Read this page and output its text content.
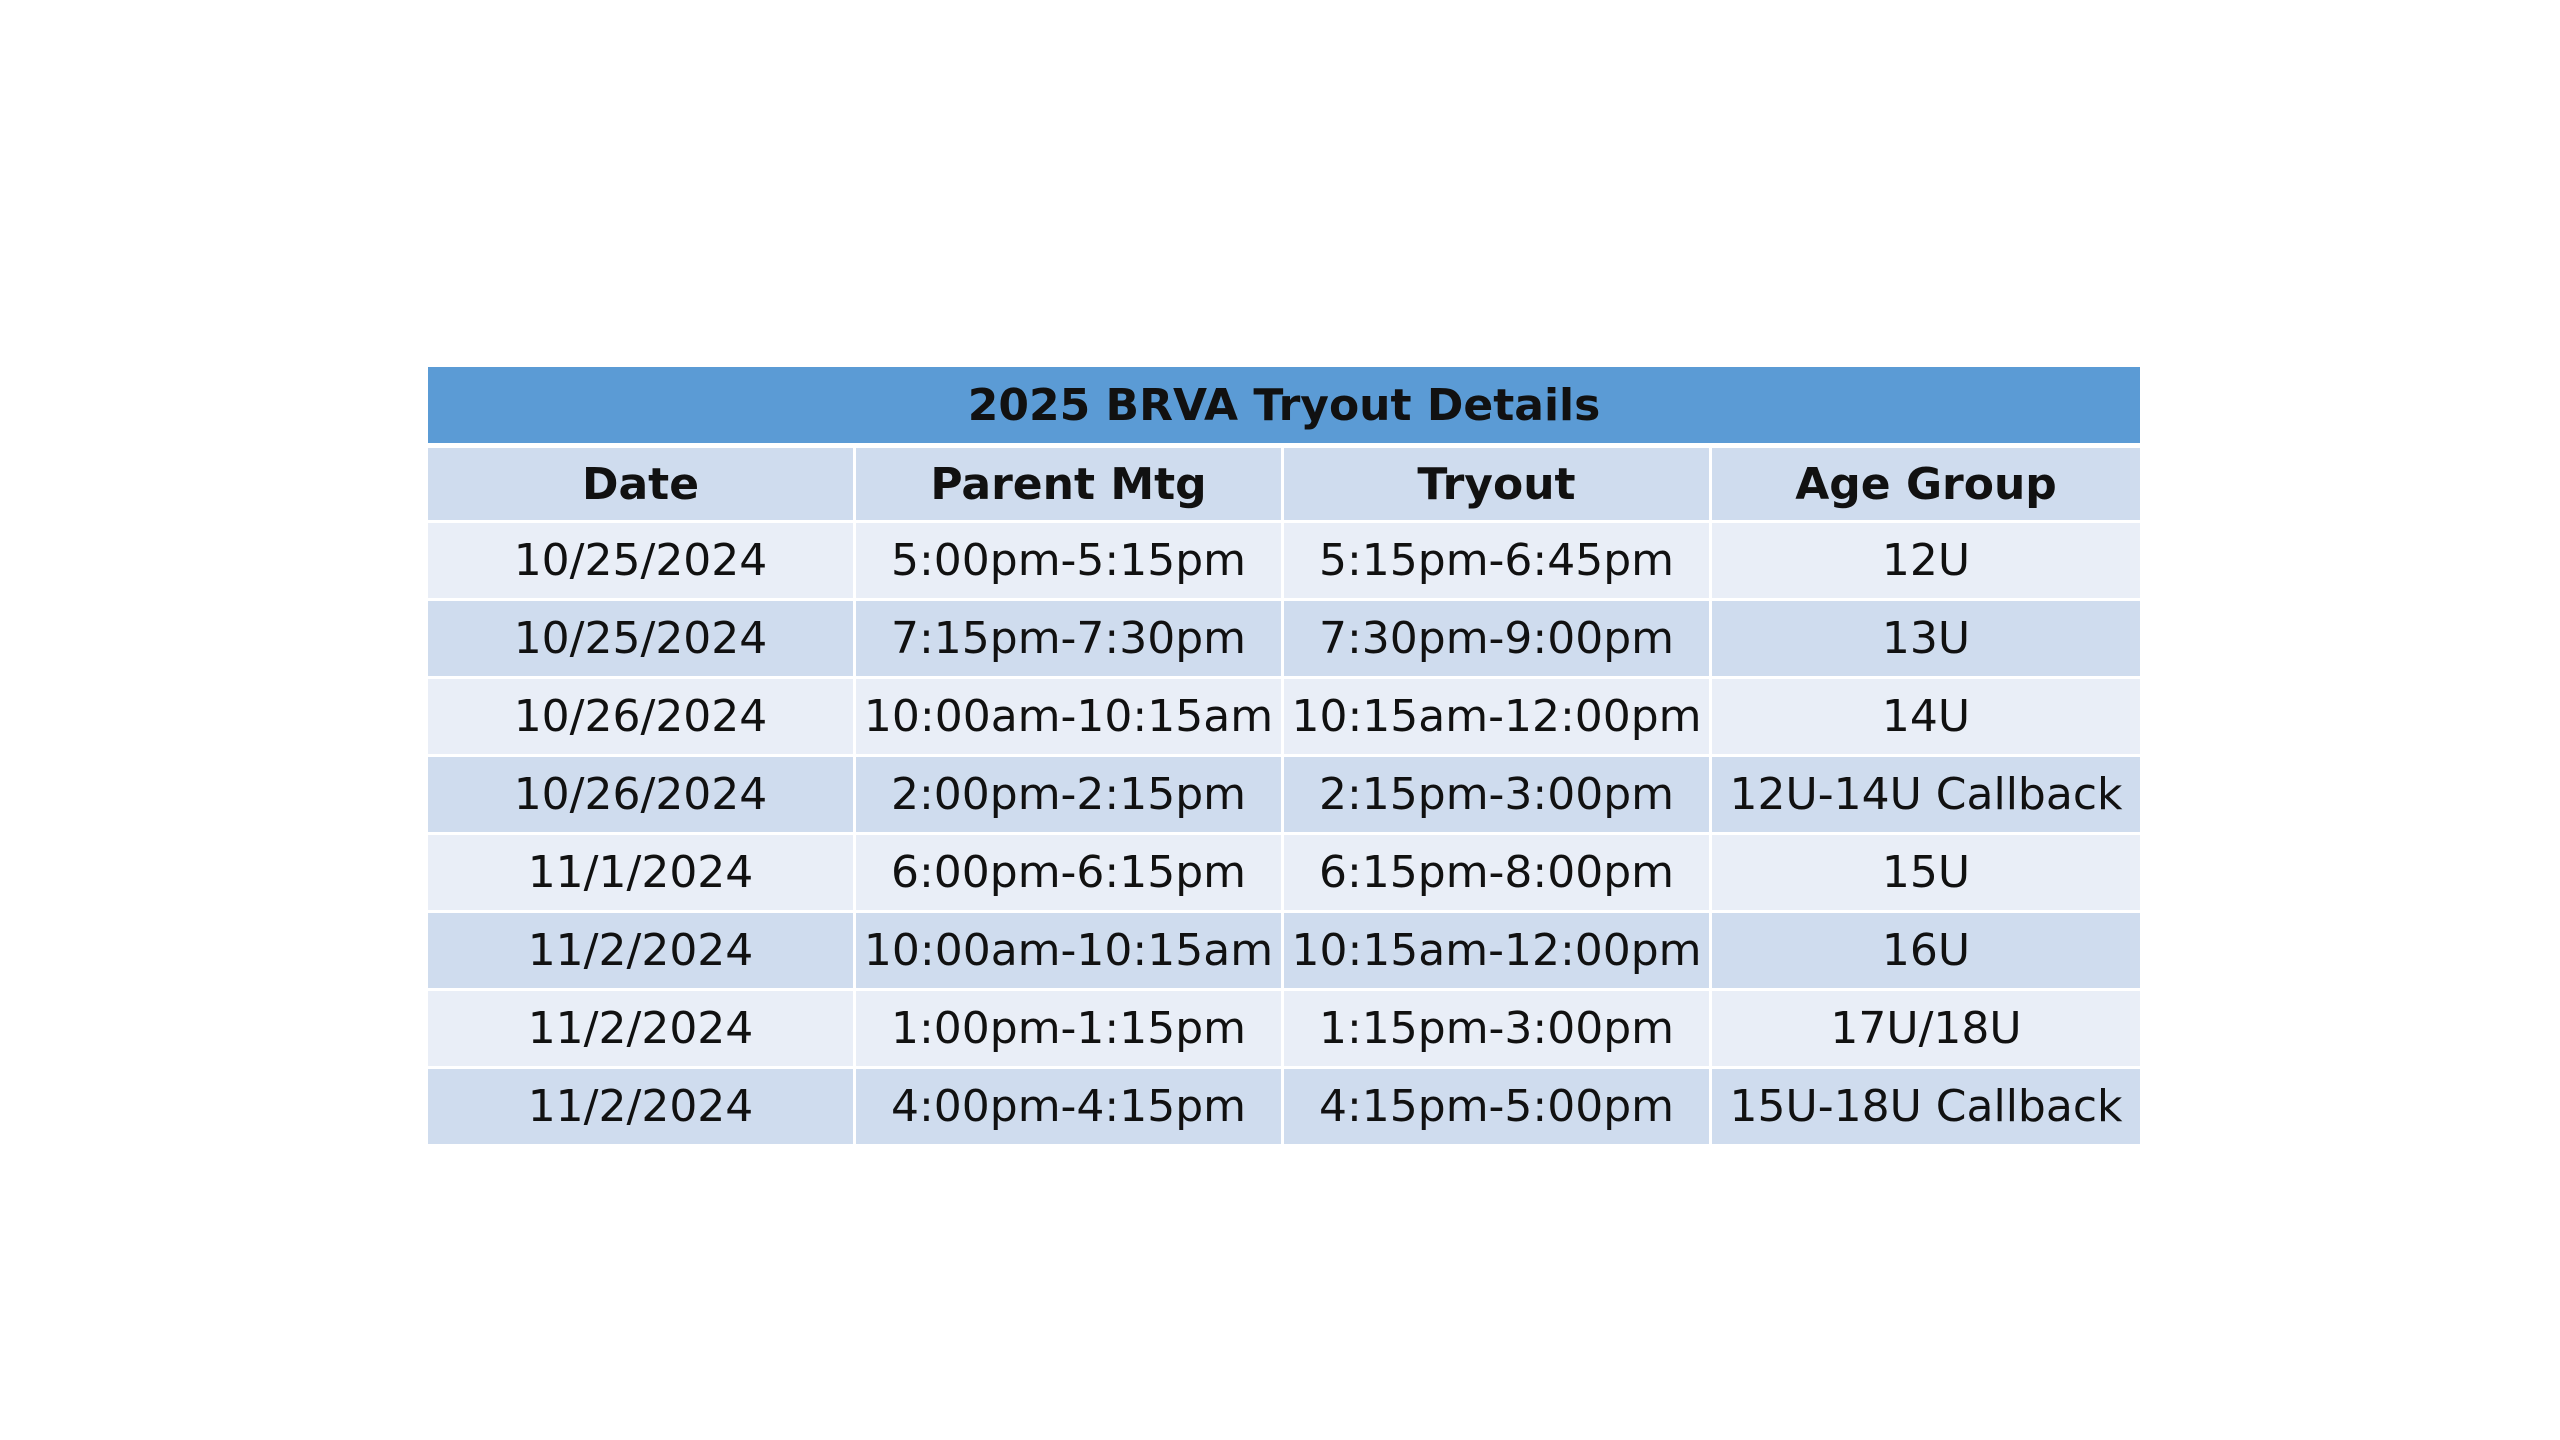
2025 BRVA Tryout Details			
Date	Parent Mtg	Tryout	Age Group
10/25/2024	5:00pm-5:15pm	5:15pm-6:45pm	12U
10/25/2024	7:15pm-7:30pm	7:30pm-9:00pm	13U
10/26/2024	10:00am-10:15am	10:15am-12:00pm	14U
10/26/2024	2:00pm-2:15pm	2:15pm-3:00pm	12U-14U Callback
11/1/2024	6:00pm-6:15pm	6:15pm-8:00pm	15U
11/2/2024	10:00am-10:15am	10:15am-12:00pm	16U
11/2/2024	1:00pm-1:15pm	1:15pm-3:00pm	17U/18U
11/2/2024	4:00pm-4:15pm	4:15pm-5:00pm	15U-18U Callback
